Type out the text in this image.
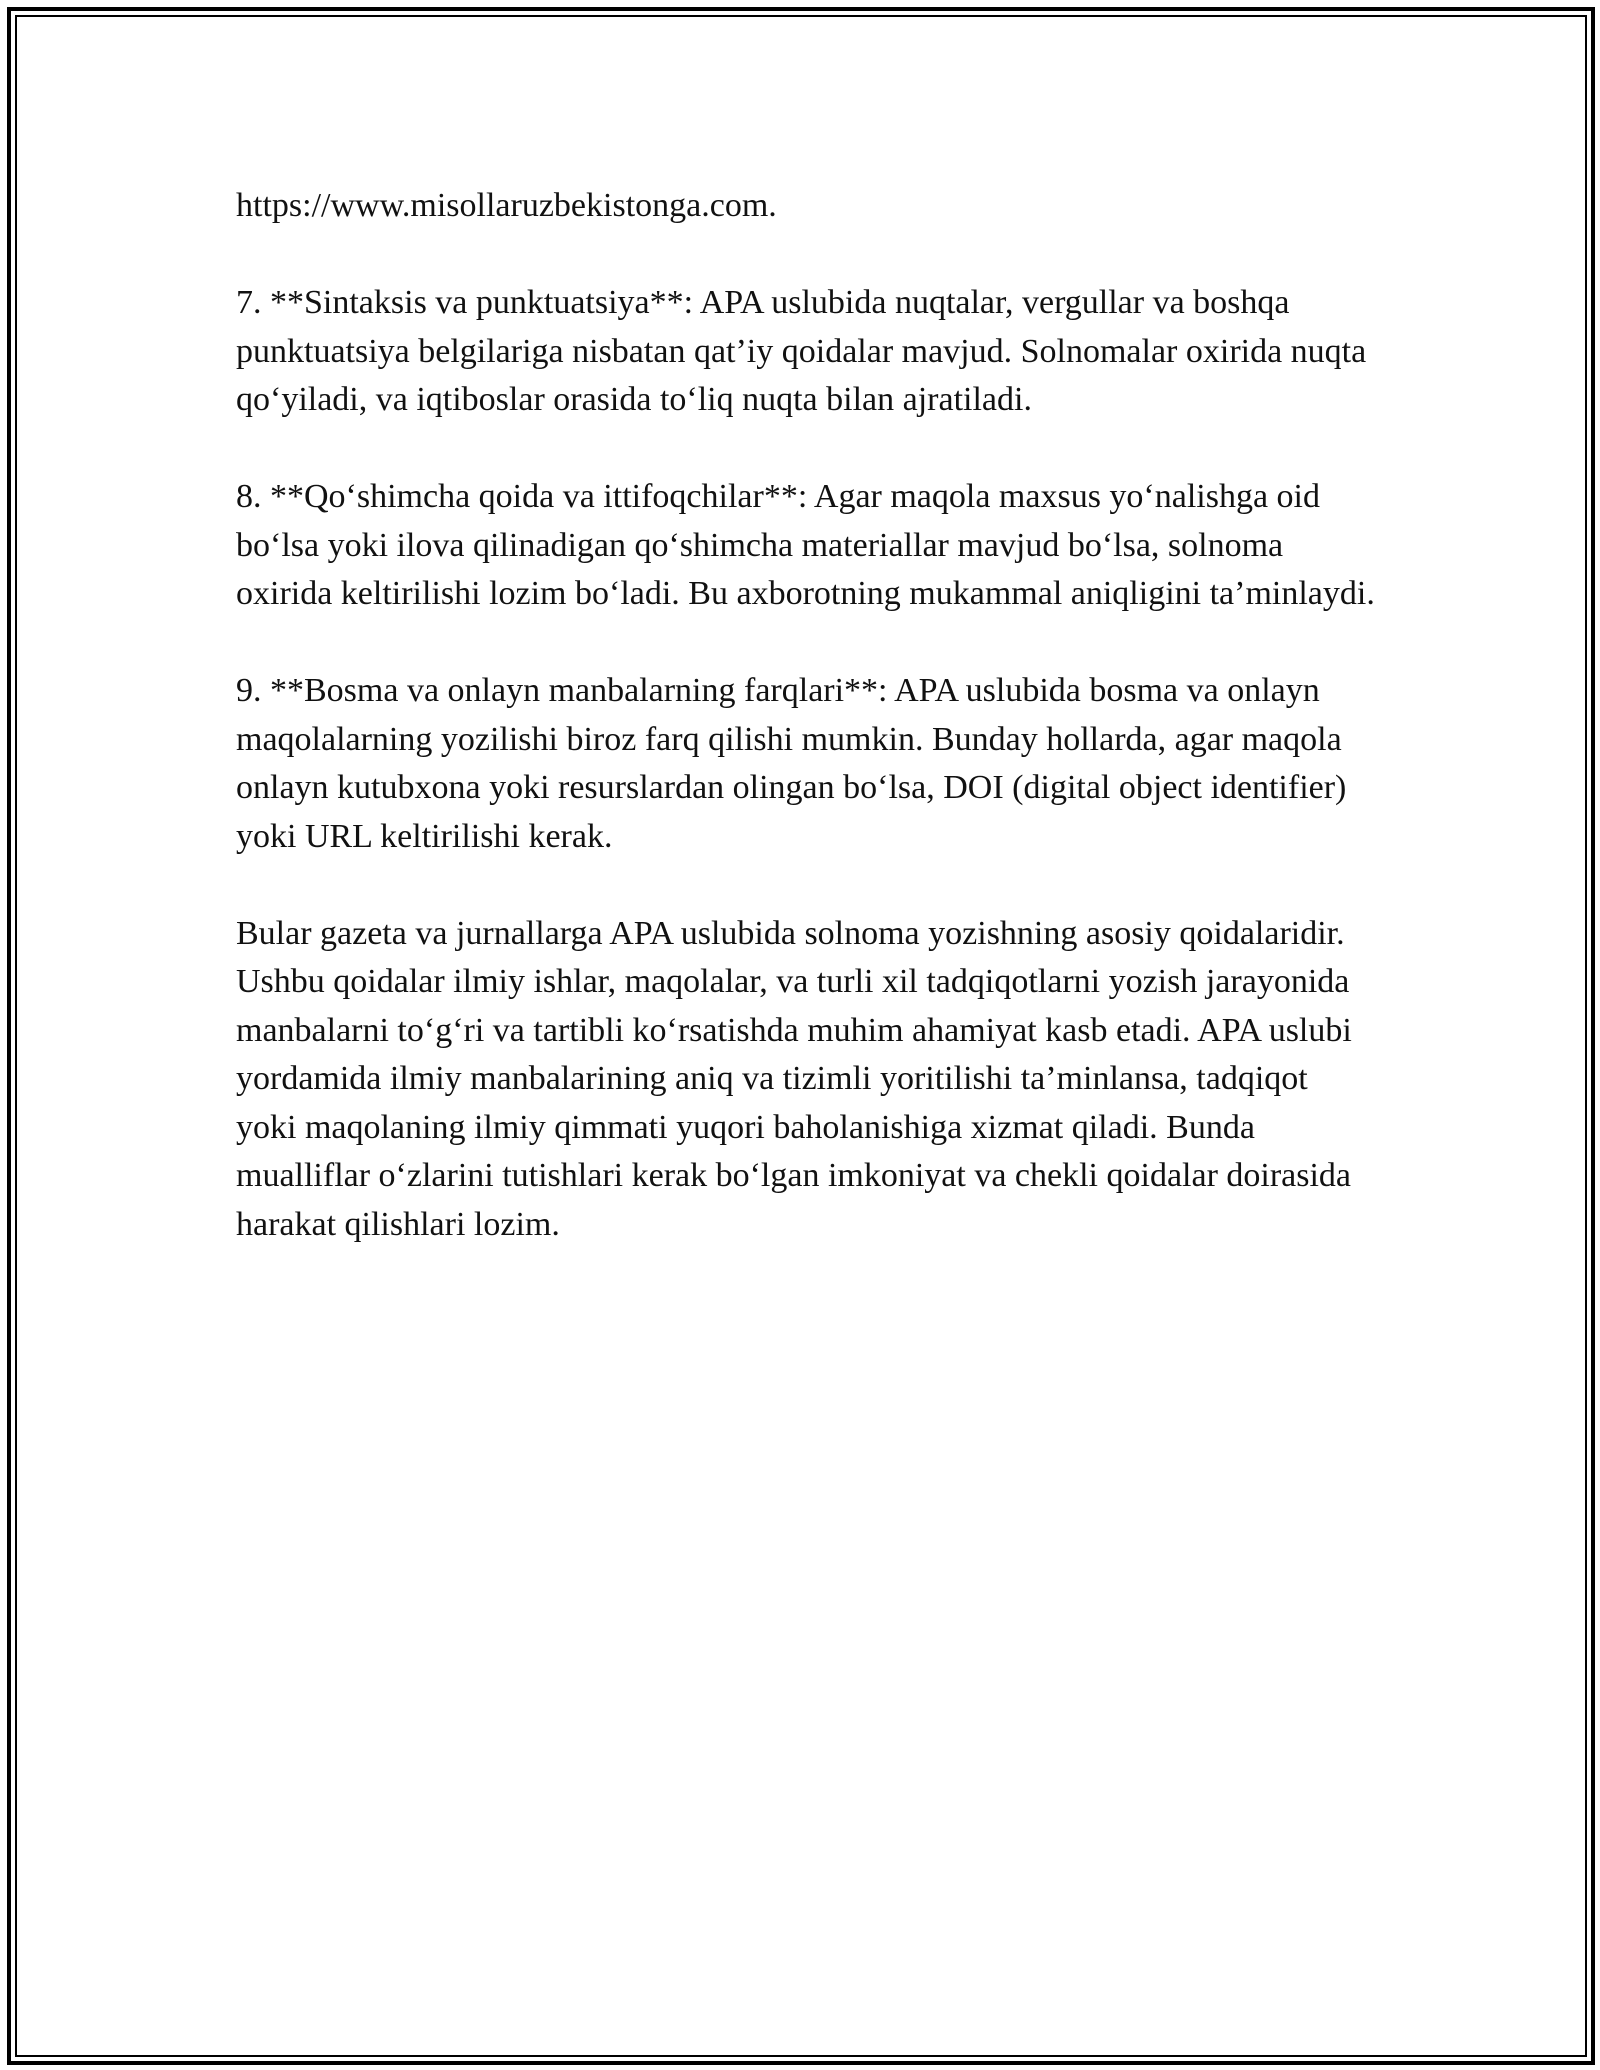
https://www.misollaruzbekistonga.com.

7. **Sintaksis va punktuatsiya**: APA uslubida nuqtalar, vergullar va boshqa punktuatsiya belgilariga nisbatan qat’iy qoidalar mavjud. Solnomalar oxirida nuqta qo‘yiladi, va iqtiboslar orasida to‘liq nuqta bilan ajratiladi.

8. **Qo‘shimcha qoida va ittifoqchilar**: Agar maqola maxsus yo‘nalishga oid bo‘lsa yoki ilova qilinadigan qo‘shimcha materiallar mavjud bo‘lsa, solnoma oxirida keltirilishi lozim bo‘ladi. Bu axborotning mukammal aniqligini ta’minlaydi.

9. **Bosma va onlayn manbalarning farqlari**: APA uslubida bosma va onlayn maqolalarning yozilishi biroz farq qilishi mumkin. Bunday hollarda, agar maqola onlayn kutubxona yoki resurslardan olingan bo‘lsa, DOI (digital object identifier) yoki URL keltirilishi kerak.

Bular gazeta va jurnallarga APA uslubida solnoma yozishning asosiy qoidalaridir. Ushbu qoidalar ilmiy ishlar, maqolalar, va turli xil tadqiqotlarni yozish jarayonida manbalarni to‘g‘ri va tartibli ko‘rsatishda muhim ahamiyat kasb etadi. APA uslubi yordamida ilmiy manbalarining aniq va tizimli yoritilishi ta’minlansa, tadqiqot yoki maqolaning ilmiy qimmati yuqori baholanishiga xizmat qiladi. Bunda mualliflar o‘zlarini tutishlari kerak bo‘lgan imkoniyat va chekli qoidalar doirasida harakat qilishlari lozim.
